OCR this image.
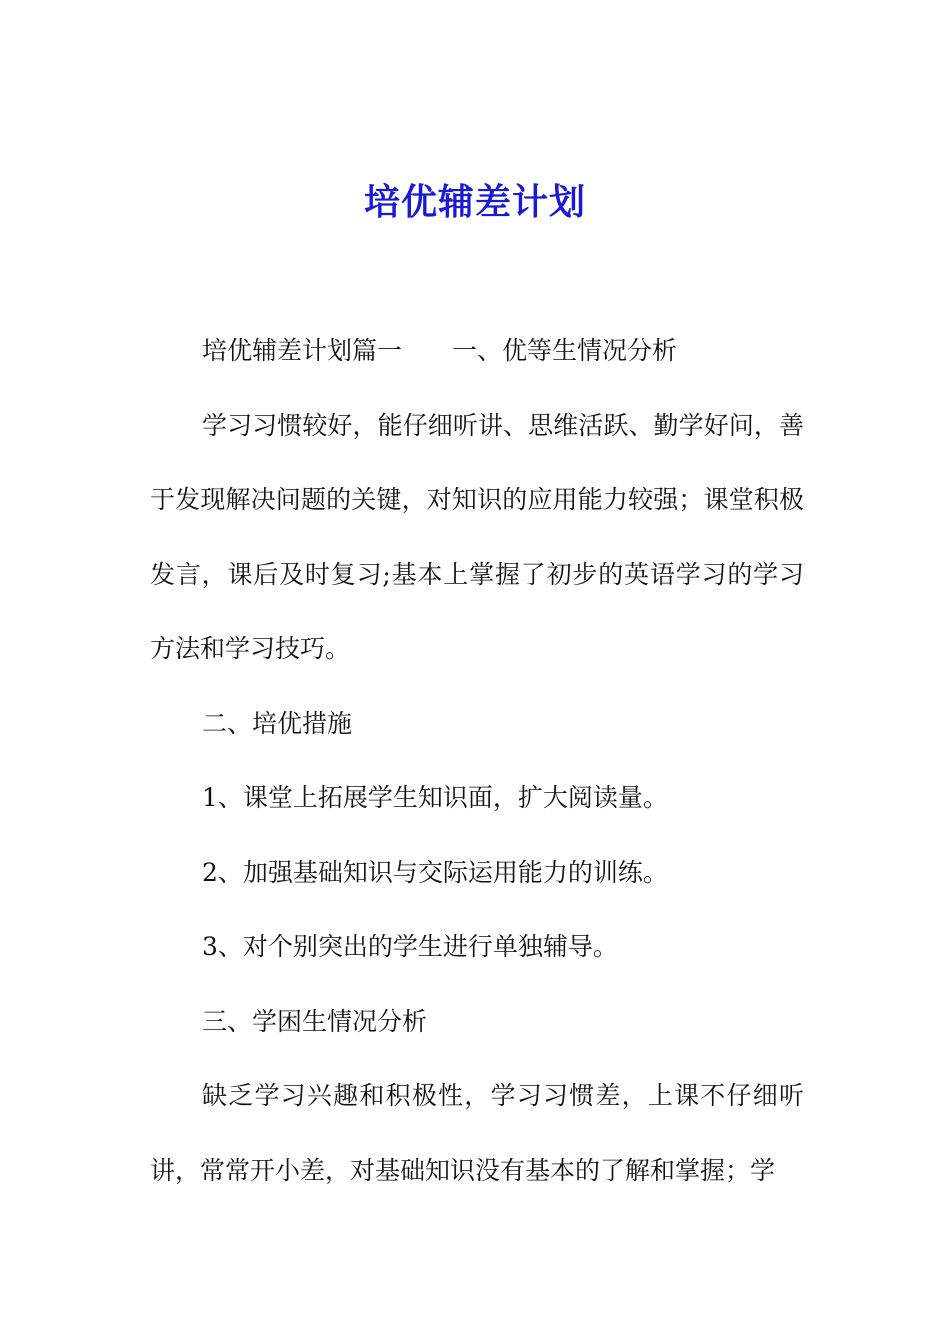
培优辅差计划

培优辅差计划篇一　　一、优等生情况分析

学习习惯较好，能仔细听讲、思维活跃、勤学好问，善于发现解决问题的关键，对知识的应用能力较强；课堂积极发言，课后及时复习;基本上掌握了初步的英语学习的学习方法和学习技巧。

二、培优措施

1、课堂上拓展学生知识面，扩大阅读量。

2、加强基础知识与交际运用能力的训练。

3、对个别突出的学生进行单独辅导。

三、学困生情况分析

缺乏学习兴趣和积极性，学习习惯差，上课不仔细听讲，常常开小差，对基础知识没有基本的了解和掌握；学
